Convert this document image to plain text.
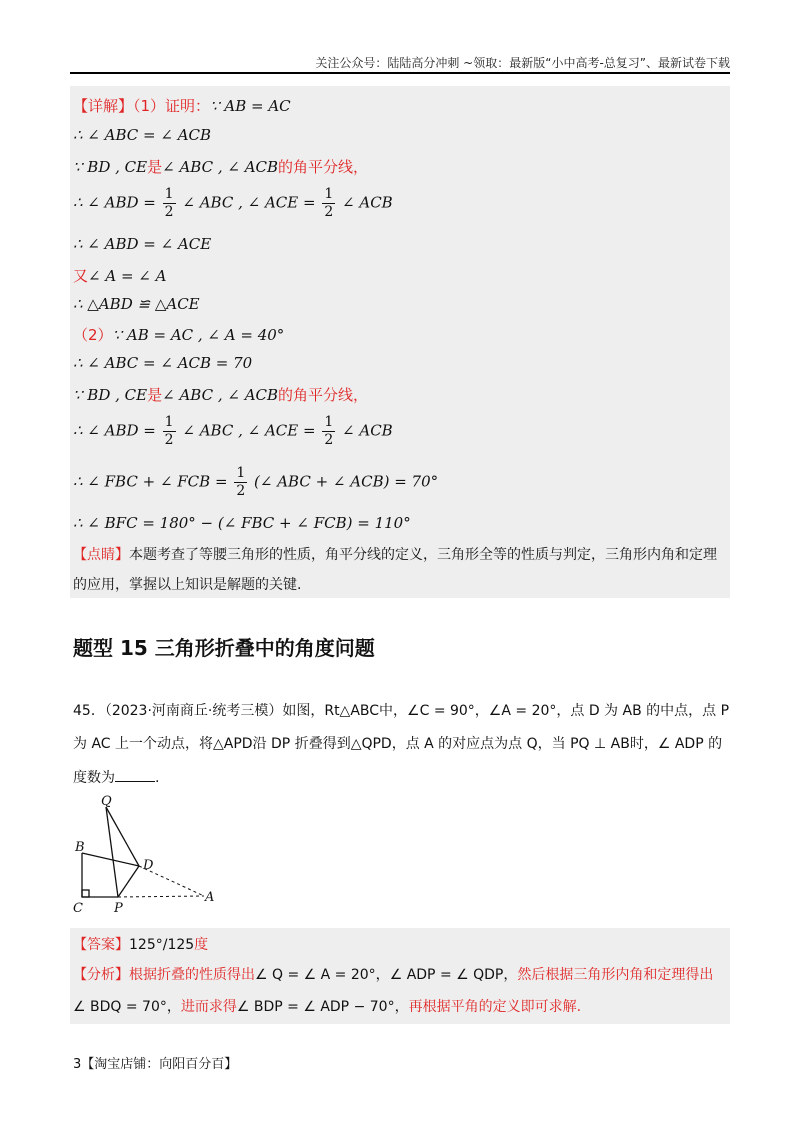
关注公众号：陆陆高分冲刺 ~领取：最新版“小中高考-总复习”、最新试卷下载
【详解】（1）证明：∵ AB = AC
∴ ∠ ABC = ∠ ACB
∵ BD , CE是∠ ABC , ∠ ACB的角平分线，
∴ ∠ ABD = $\frac{1}{2}$ ∠ ABC , ∠ ACE = $\frac{1}{2}$ ∠ ACB
∴ ∠ ABD = ∠ ACE
又∠ A = ∠ A
∴ △ABD ≌ △ACE
（2）∵ AB = AC , ∠ A = 40°
∴ ∠ ABC = ∠ ACB = 70
∵ BD , CE是∠ ABC , ∠ ACB的角平分线，
∴ ∠ ABD = $\frac{1}{2}$ ∠ ABC , ∠ ACE = $\frac{1}{2}$ ∠ ACB
∴ ∠ FBC + ∠ FCB = $\frac{1}{2}$ (∠ ABC + ∠ ACB) = 70°
∴ ∠ BFC = 180° − (∠ FBC + ∠ FCB) = 110°
【点睛】本题考查了等腰三角形的性质，角平分线的定义，三角形全等的性质与判定，三角形内角和定理的应用，掌握以上知识是解题的关键.
题型 15 三角形折叠中的角度问题
45．（2023·河南商丘·统考三模）如图，Rt△ABC中，∠C = 90°，∠A = 20°，点 D 为 AB 的中点，点 P
为 AC 上一个动点，将△APD沿 DP 折叠得到△QPD，点 A 的对应点为点 Q，当 PQ ⊥ AB时，∠ ADP 的
度数为	.
Q
B
D
C P
A
【答案】125°/125度
【分析】根据折叠的性质得出∠ Q = ∠ A = 20°，∠ ADP = ∠ QDP，然后根据三角形内角和定理得出
∠ BDQ = 70°，进而求得∠ BDP = ∠ ADP − 70°，再根据平角的定义即可求解.
3【淘宝店铺：向阳百分百】
